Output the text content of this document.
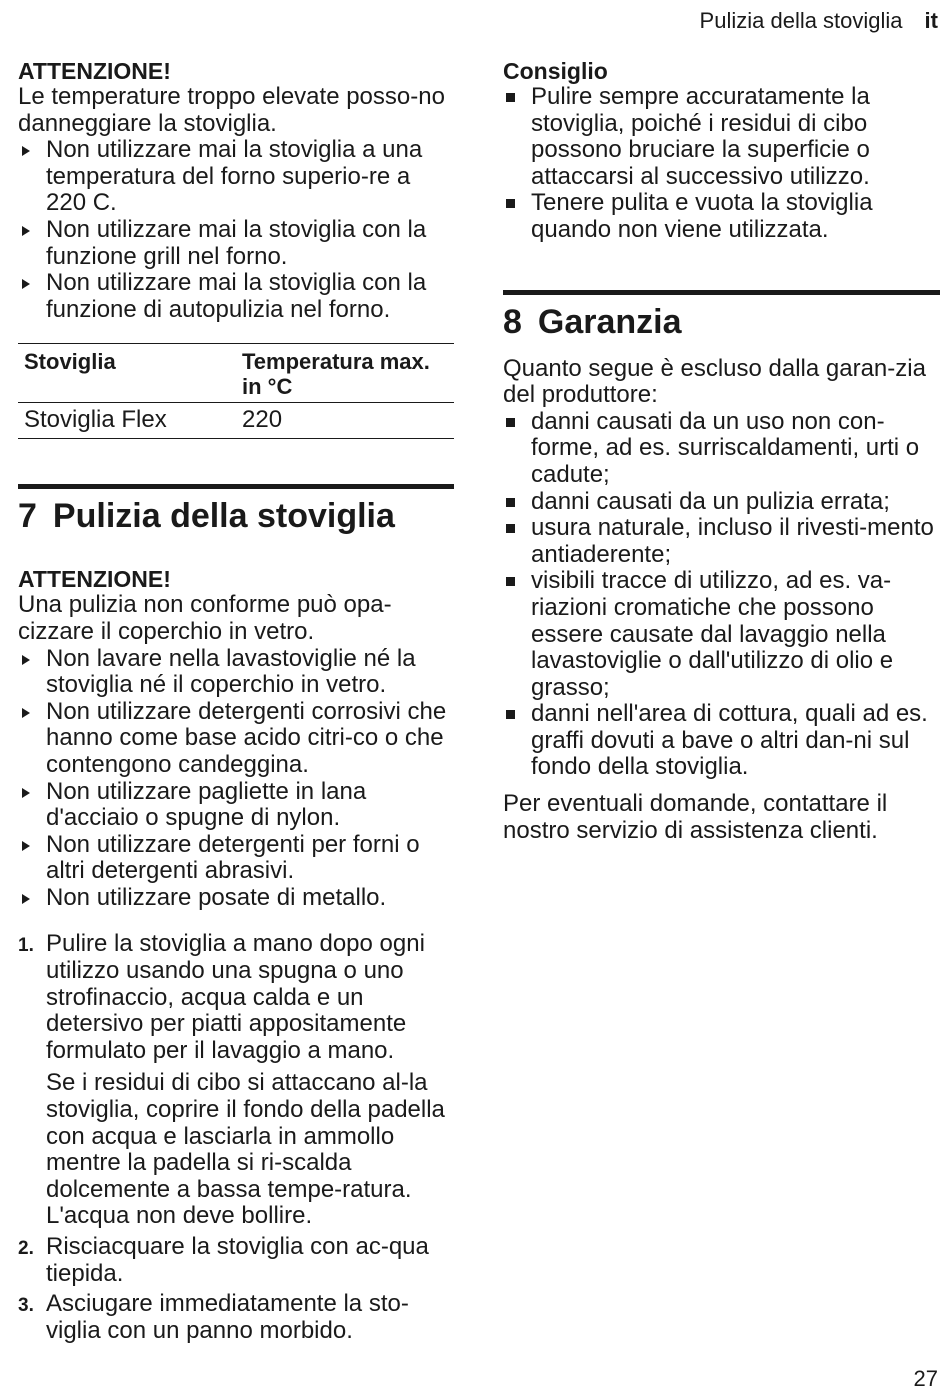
Pulizia della stoviglia it
ATTENZIONE!

Le temperature troppo elevate posso-no danneggiare la stoviglia.

Non utilizzare mai la stoviglia a una temperatura del forno superio-re a 220 C.
Non utilizzare mai la stoviglia con la funzione grill nel forno.
Non utilizzare mai la stoviglia con la funzione di autopulizia nel forno.
Stoviglia	Temperatura max. in °C
Stoviglia Flex	220
7 Pulizia della stoviglia
ATTENZIONE!

Una pulizia non conforme può opa-cizzare il coperchio in vetro.

Non lavare nella lavastoviglie né la stoviglia né il coperchio in vetro.
Non utilizzare detergenti corrosivi che hanno come base acido citri-co o che contengono candeggina.
Non utilizzare pagliette in lana d'acciaio o spugne di nylon.
Non utilizzare detergenti per forni o altri detergenti abrasivi.
Non utilizzare posate di metallo.
1. Pulire la stoviglia a mano dopo ogni utilizzo usando una spugna o uno strofinaccio, acqua calda e un detersivo per piatti appositamente formulato per il lavaggio a mano.

Se i residui di cibo si attaccano al-la stoviglia, coprire il fondo della padella con acqua e lasciarla in ammollo mentre la padella si ri-scalda dolcemente a bassa tempe-ratura. L'acqua non deve bollire.

2. Risciacquare la stoviglia con ac-qua tiepida.

3. Asciugare immediatamente la sto-viglia con un panno morbido.

Consiglio
Pulire sempre accuratamente la stoviglia, poiché i residui di cibo possono bruciare la superficie o attaccarsi al successivo utilizzo.
Tenere pulita e vuota la stoviglia quando non viene utilizzata.
8 Garanzia

Quanto segue è escluso dalla garan-zia del produttore:

danni causati da un uso non con-forme, ad es. surriscaldamenti, urti o cadute;
danni causati da un pulizia errata;
usura naturale, incluso il rivesti-mento antiaderente;
visibili tracce di utilizzo, ad es. va-riazioni cromatiche che possono essere causate dal lavaggio nella lavastoviglie o dall'utilizzo di olio e grasso;
danni nell'area di cottura, quali ad es. graffi dovuti a bave o altri dan-ni sul fondo della stoviglia.

Per eventuali domande, contattare il nostro servizio di assistenza clienti.

27
